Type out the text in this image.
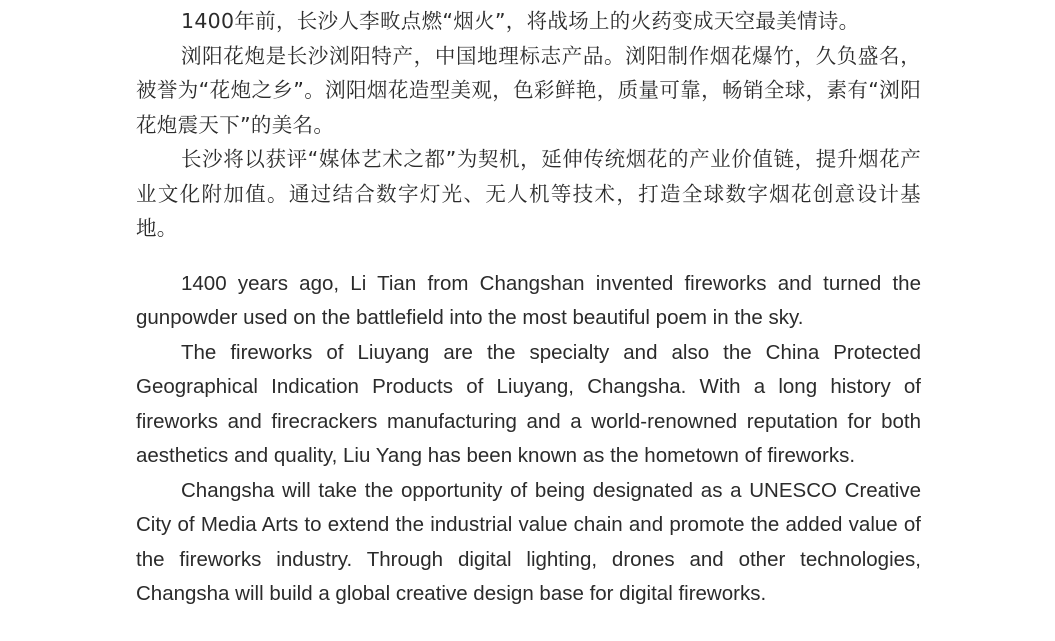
1400年前，长沙人李畋点燃“烟火”，将战场上的火药变成天空最美情诗。

浏阳花炮是长沙浏阳特产，中国地理标志产品。浏阳制作烟花爆竹，久负盛名，被誉为“花炮之乡”。浏阳烟花造型美观，色彩鲜艳，质量可靠，畅销全球，素有“浏阳花炮震天下”的美名。

长沙将以获评“媒体艺术之都”为契机，延伸传统烟花的产业价值链，提升烟花产业文化附加值。通过结合数字灯光、无人机等技术，打造全球数字烟花创意设计基地。

1400 years ago, Li Tian from Changshan invented fireworks and turned the gunpowder used on the battlefield into the most beautiful poem in the sky.

The fireworks of Liuyang are the specialty and also the China Protected Geographical Indication Products of Liuyang, Changsha. With a long history of fireworks and firecrackers manufacturing and a world-renowned reputation for both aesthetics and quality, Liu Yang has been known as the hometown of fireworks.

Changsha will take the opportunity of being designated as a UNESCO Creative City of Media Arts to extend the industrial value chain and promote the added value of the fireworks industry. Through digital lighting, drones and other technologies, Changsha will build a global creative design base for digital fireworks.
